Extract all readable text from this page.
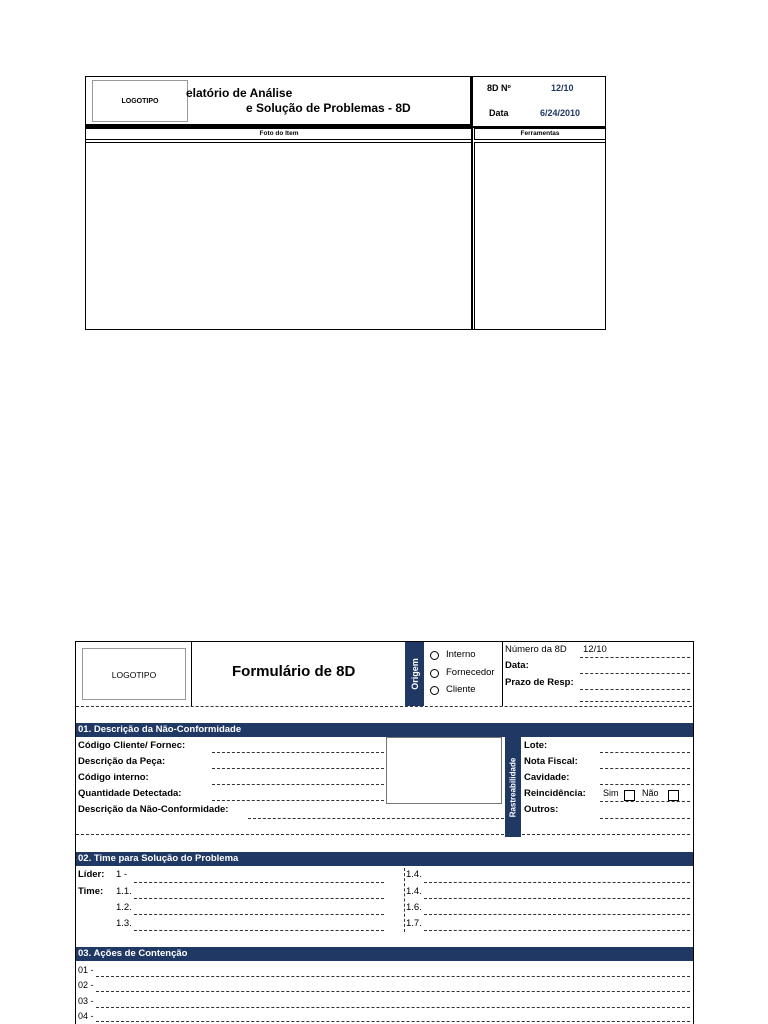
LOGOTIPO
elatório de Análise
e Solução de Problemas - 8D
8D Nº	12/10
Data	6/24/2010
Foto do Item	Ferramentas
LOGOTIPO	Formulário de 8D	Origem
Interno
Fornecedor
Cliente
Número da 8D 12/10
Data:
Prazo de Resp:
01. Descrição da Não-Conformidade
Código Cliente/ Fornec:
Descrição da Peça:
Código interno:
Quantidade Detectada:
Descrição da Não-Conformidade:	Rastreabilidade
Lote:
Nota Fiscal:
Cavidade:
Reincidência: Sim	Não
Outros:
02. Time para Solução do Problema
Líder: 1 -
Time: 1.1.
1.2.
1.3.
1.4.
1.4.
1.6.
1.7.
03. Ações de Contenção
01 -
02 -
03 -
04 -
